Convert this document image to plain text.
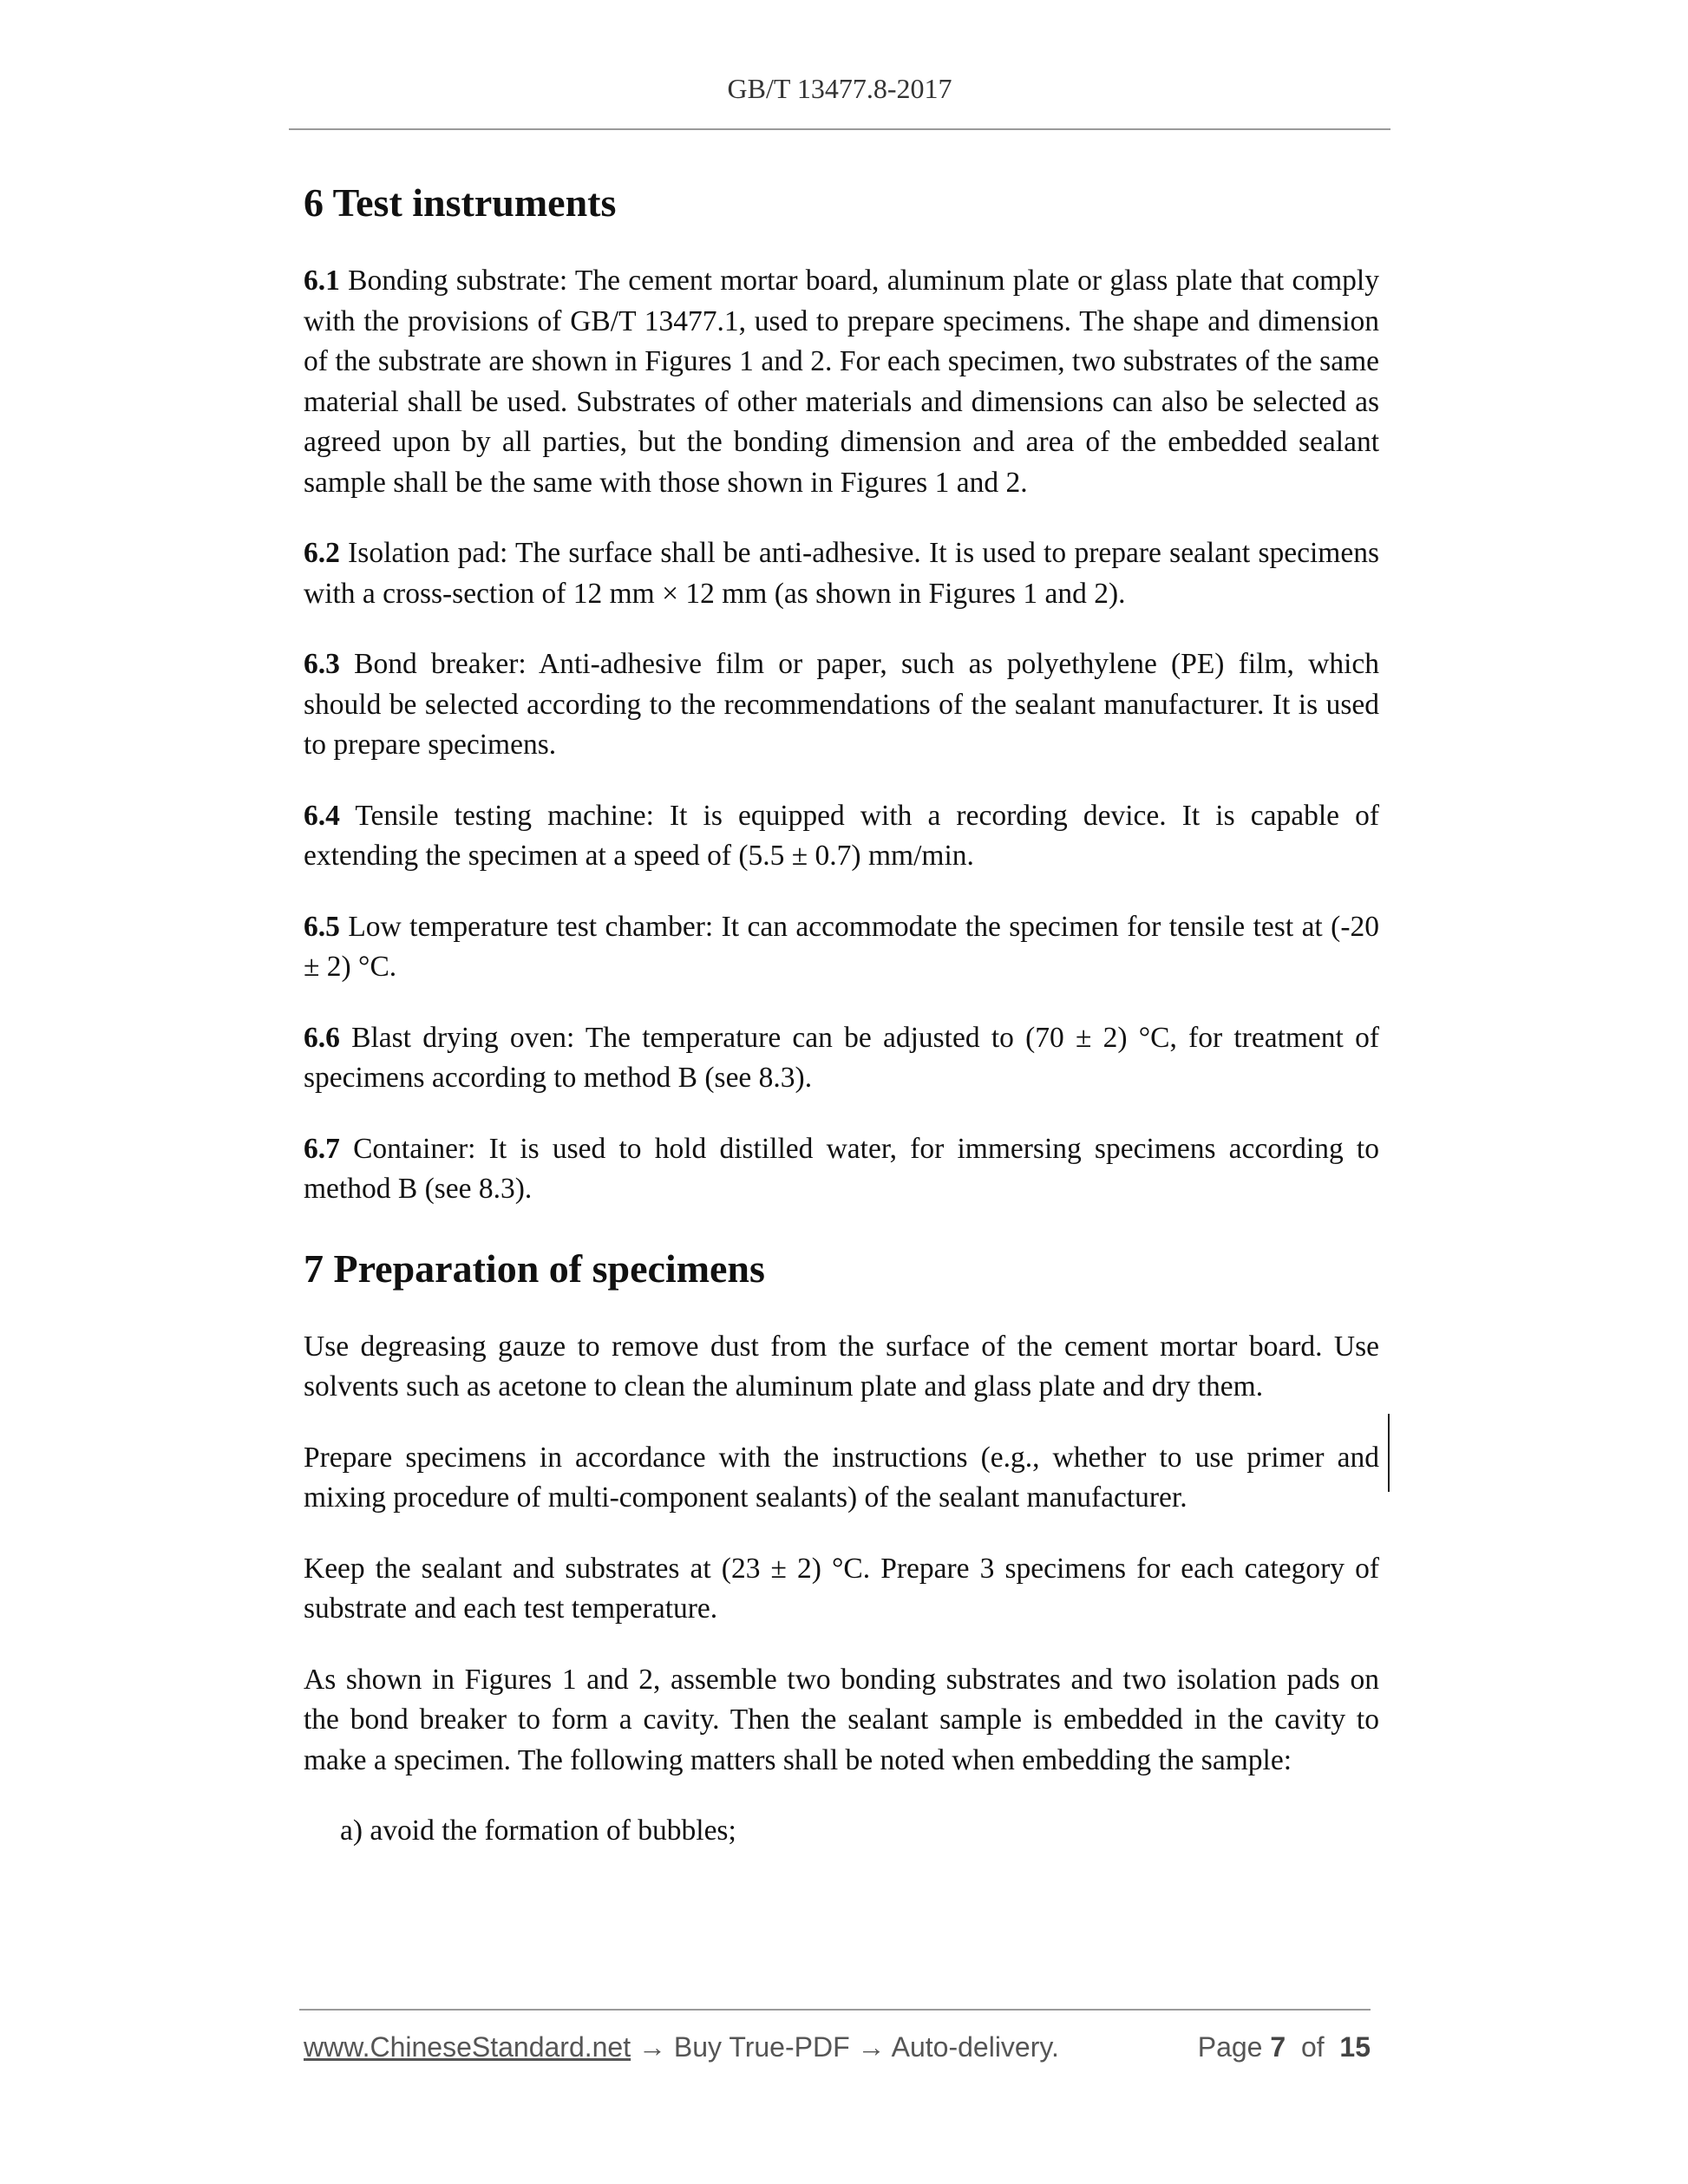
GB/T 13477.8-2017
6 Test instruments

6.1 Bonding substrate: The cement mortar board, aluminum plate or glass plate that comply with the provisions of GB/T 13477.1, used to prepare specimens. The shape and dimension of the substrate are shown in Figures 1 and 2. For each specimen, two substrates of the same material shall be used. Substrates of other materials and dimensions can also be selected as agreed upon by all parties, but the bonding dimension and area of the embedded sealant sample shall be the same with those shown in Figures 1 and 2.

6.2 Isolation pad: The surface shall be anti-adhesive. It is used to prepare sealant specimens with a cross-section of 12 mm × 12 mm (as shown in Figures 1 and 2).

6.3 Bond breaker: Anti-adhesive film or paper, such as polyethylene (PE) film, which should be selected according to the recommendations of the sealant manufacturer. It is used to prepare specimens.

6.4 Tensile testing machine: It is equipped with a recording device. It is capable of extending the specimen at a speed of (5.5 ± 0.7) mm/min.

6.5 Low temperature test chamber: It can accommodate the specimen for tensile test at (-20 ± 2) °C.

6.6 Blast drying oven: The temperature can be adjusted to (70 ± 2) °C, for treatment of specimens according to method B (see 8.3).

6.7 Container: It is used to hold distilled water, for immersing specimens according to method B (see 8.3).

7 Preparation of specimens

Use degreasing gauze to remove dust from the surface of the cement mortar board. Use solvents such as acetone to clean the aluminum plate and glass plate and dry them.

Prepare specimens in accordance with the instructions (e.g., whether to use primer and mixing procedure of multi-component sealants) of the sealant manufacturer.

Keep the sealant and substrates at (23 ± 2) °C. Prepare 3 specimens for each category of substrate and each test temperature.

As shown in Figures 1 and 2, assemble two bonding substrates and two isolation pads on the bond breaker to form a cavity. Then the sealant sample is embedded in the cavity to make a specimen. The following matters shall be noted when embedding the sample:

a) avoid the formation of bubbles;

www.ChineseStandard.net → Buy True-PDF → Auto-delivery.	Page 7 of 15
